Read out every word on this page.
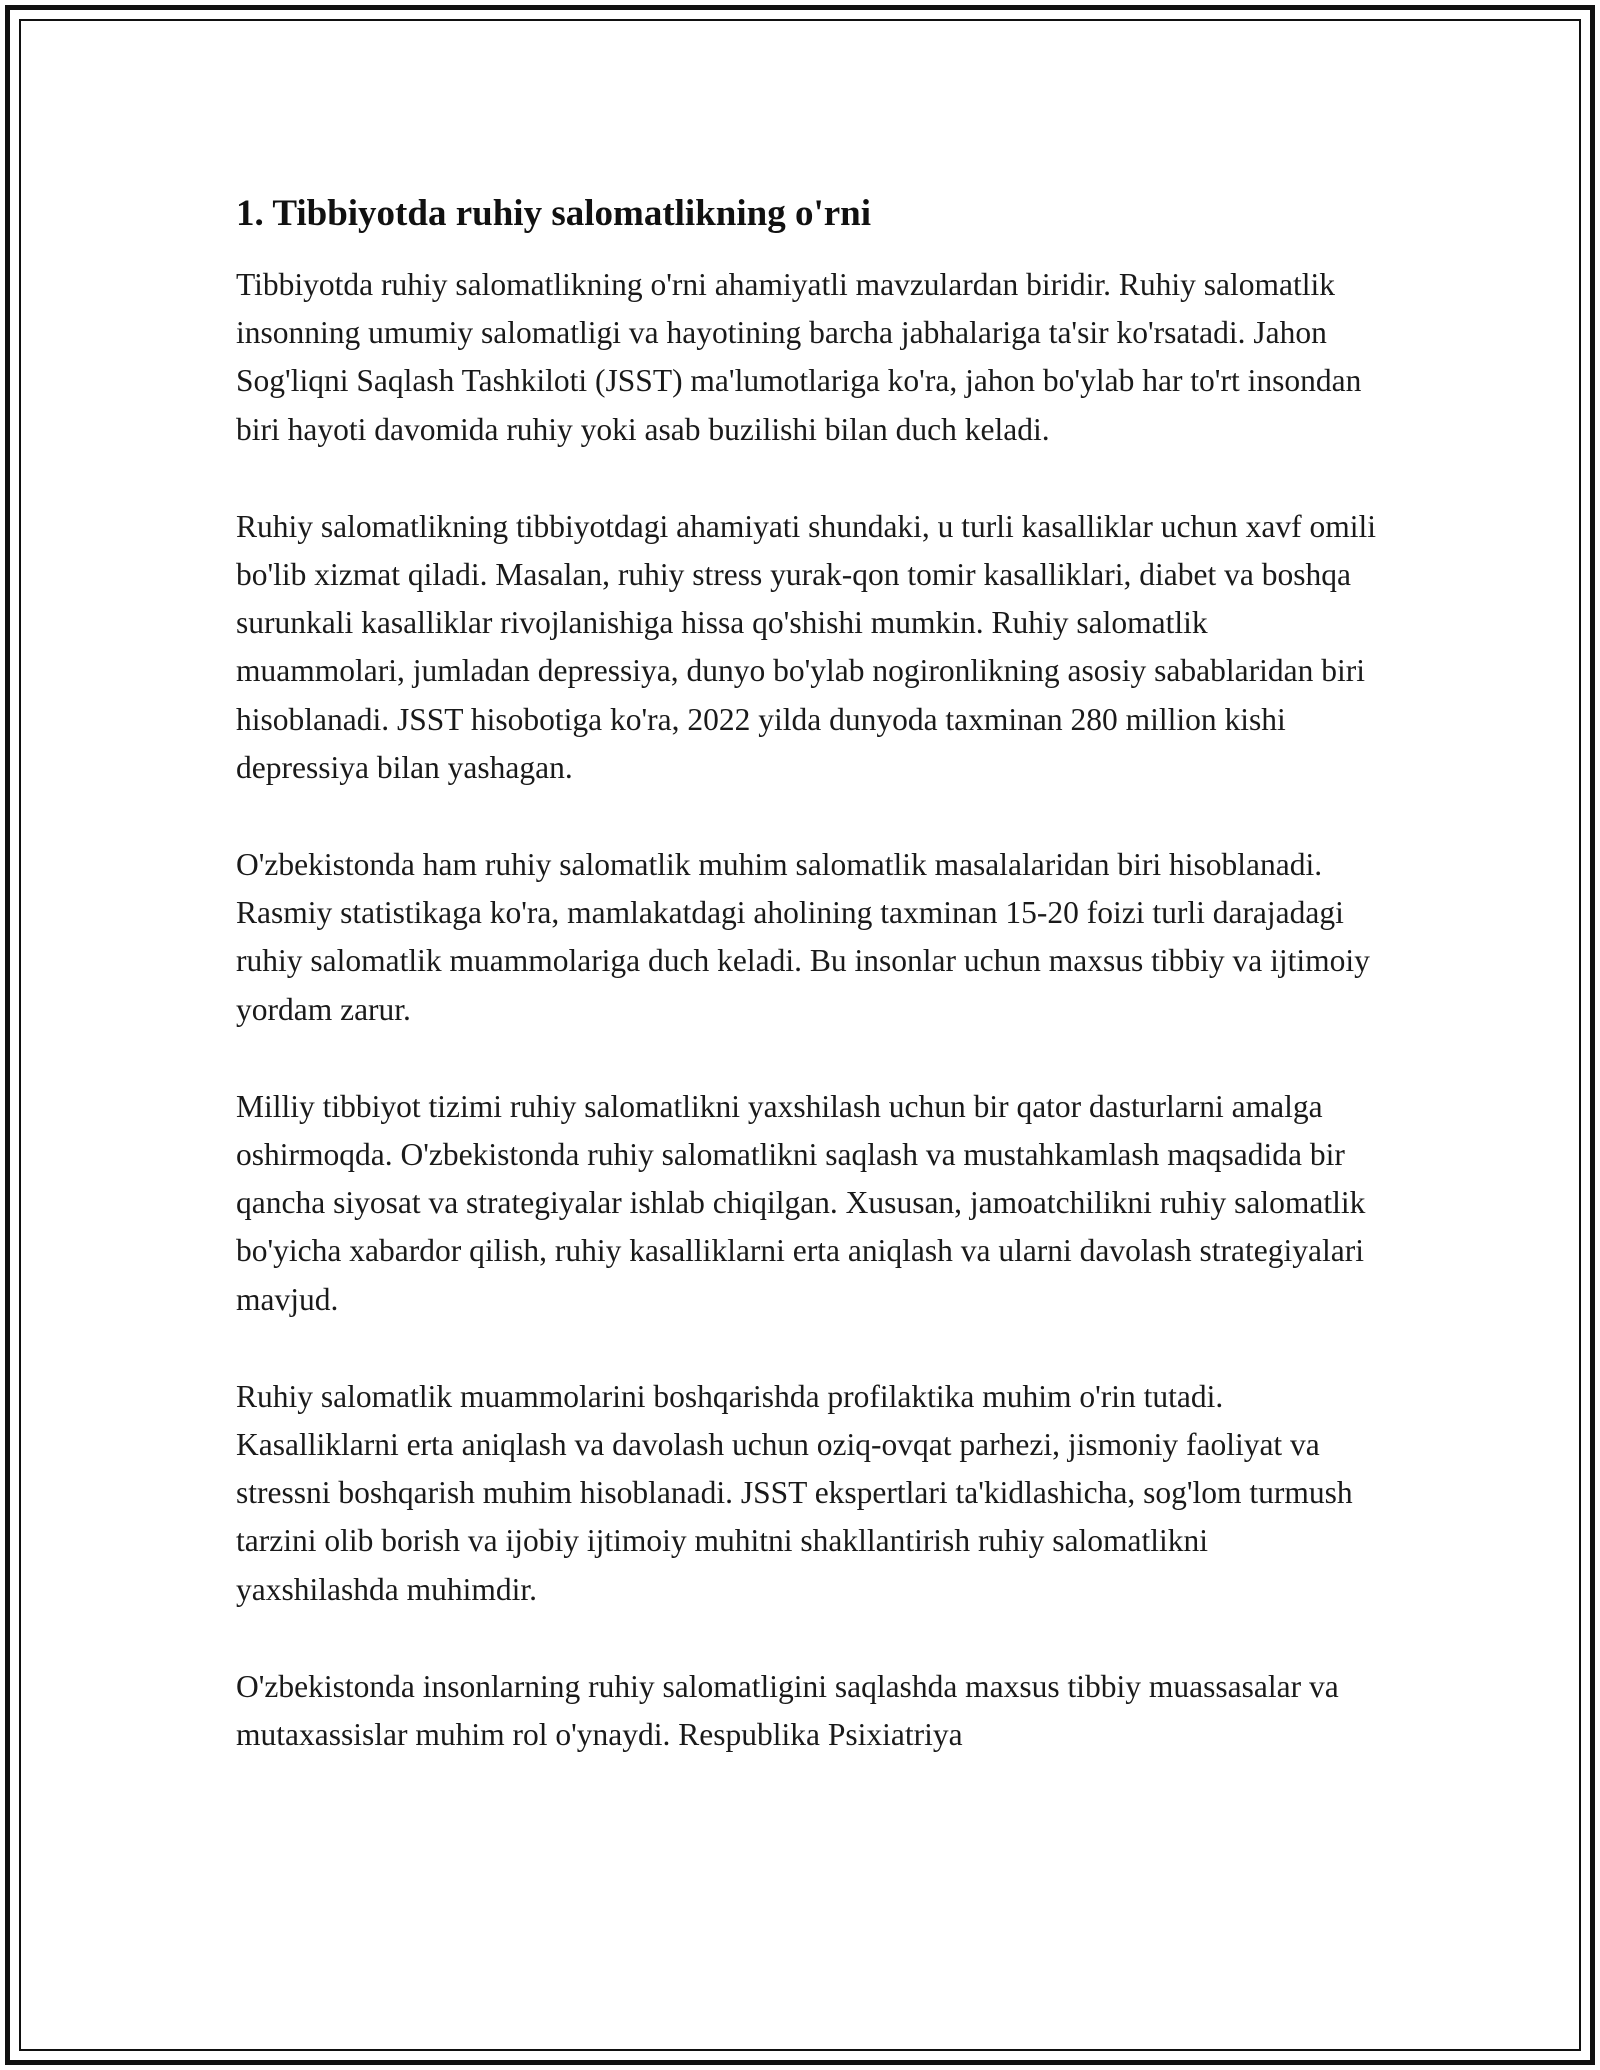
1. Tibbiyotda ruhiy salomatlikning o'rni

Tibbiyotda ruhiy salomatlikning o'rni ahamiyatli mavzulardan biridir. Ruhiy salomatlik insonning umumiy salomatligi va hayotining barcha jabhalariga ta'sir ko'rsatadi. Jahon Sog'liqni Saqlash Tashkiloti (JSST) ma'lumotlariga ko'ra, jahon bo'ylab har to'rt insondan biri hayoti davomida ruhiy yoki asab buzilishi bilan duch keladi.

Ruhiy salomatlikning tibbiyotdagi ahamiyati shundaki, u turli kasalliklar uchun xavf omili bo'lib xizmat qiladi. Masalan, ruhiy stress yurak-qon tomir kasalliklari, diabet va boshqa surunkali kasalliklar rivojlanishiga hissa qo'shishi mumkin. Ruhiy salomatlik muammolari, jumladan depressiya, dunyo bo'ylab nogironlikning asosiy sabablaridan biri hisoblanadi. JSST hisobotiga ko'ra, 2022 yilda dunyoda taxminan 280 million kishi depressiya bilan yashagan.

O'zbekistonda ham ruhiy salomatlik muhim salomatlik masalalaridan biri hisoblanadi. Rasmiy statistikaga ko'ra, mamlakatdagi aholining taxminan 15-20 foizi turli darajadagi ruhiy salomatlik muammolariga duch keladi. Bu insonlar uchun maxsus tibbiy va ijtimoiy yordam zarur.

Milliy tibbiyot tizimi ruhiy salomatlikni yaxshilash uchun bir qator dasturlarni amalga oshirmoqda. O'zbekistonda ruhiy salomatlikni saqlash va mustahkamlash maqsadida bir qancha siyosat va strategiyalar ishlab chiqilgan. Xususan, jamoatchilikni ruhiy salomatlik bo'yicha xabardor qilish, ruhiy kasalliklarni erta aniqlash va ularni davolash strategiyalari mavjud.

Ruhiy salomatlik muammolarini boshqarishda profilaktika muhim o'rin tutadi. Kasalliklarni erta aniqlash va davolash uchun oziq-ovqat parhezi, jismoniy faoliyat va stressni boshqarish muhim hisoblanadi. JSST ekspertlari ta'kidlashicha, sog'lom turmush tarzini olib borish va ijobiy ijtimoiy muhitni shakllantirish ruhiy salomatlikni yaxshilashda muhimdir.

O'zbekistonda insonlarning ruhiy salomatligini saqlashda maxsus tibbiy muassasalar va mutaxassislar muhim rol o'ynaydi. Respublika Psixiatriya
